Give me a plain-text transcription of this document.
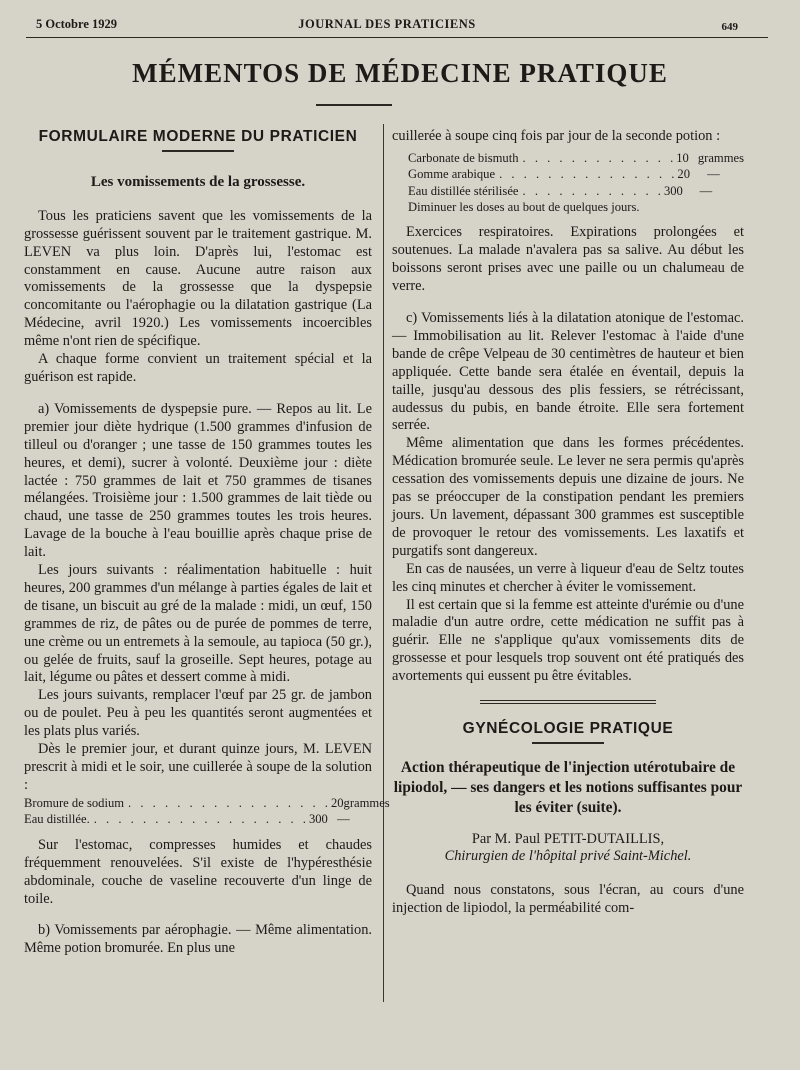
5 Octobre 1929	JOURNAL DES PRATICIENS	649
MÉMENTOS DE MÉDECINE PRATIQUE
FORMULAIRE MODERNE DU PRATICIEN
Les vomissements de la grossesse.

Tous les praticiens savent que les vomissements de la grossesse guérissent souvent par le traitement gastrique. M. LEVEN va plus loin. D'après lui, l'estomac est constamment en cause. Aucune autre raison aux vomissements de la grossesse que la dyspepsie concomitante ou l'aérophagie ou la dilatation gastrique (La Médecine, avril 1920.) Les vomissements incoercibles même n'ont rien de spécifique.

A chaque forme convient un traitement spécial et la guérison est rapide.

a) Vomissements de dyspepsie pure. — Repos au lit. Le premier jour diète hydrique (1.500 grammes d'infusion de tilleul ou d'oranger ; une tasse de 150 grammes toutes les heures, et demi), sucrer à volonté. Deuxième jour : diète lactée : 750 grammes de lait et 750 grammes de tisanes mélangées. Troisième jour : 1.500 grammes de lait tiède ou chaud, une tasse de 250 grammes toutes les trois heures. Lavage de la bouche à l'eau bouillie après chaque prise de lait.

Les jours suivants : réalimentation habituelle : huit heures, 200 grammes d'un mélange à parties égales de lait et de tisane, un biscuit au gré de la malade : midi, un œuf, 150 grammes de riz, de pâtes ou de purée de pommes de terre, une crème ou un entremets à la semoule, au tapioca (50 gr.), ou gelée de fruits, sauf la groseille. Sept heures, potage au lait, légume ou pâtes et dessert comme à midi.

Les jours suivants, remplacer l'œuf par 25 gr. de jambon ou de poulet. Peu à peu les quantités seront augmentées et les plats plus variés.

Dès le premier jour, et durant quinze jours, M. LEVEN prescrit à midi et le soir, une cuillerée à soupe de la solution :

Bromure de sodium . . . . . . . . . . . . . . . . . 20 grammes
Eau distillée. . . . . . . . . . . . . . . . . . . 300 —

Sur l'estomac, compresses humides et chaudes fréquemment renouvelées. S'il existe de l'hypéresthésie abdominale, couche de vaseline recouverte d'un linge de toile.

b) Vomissements par aérophagie. — Même alimentation. Même potion bromurée. En plus une

cuillerée à soupe cinq fois par jour de la seconde potion :

Carbonate de bismuth . . . . . . . . . . . . . 10 grammes
Gomme arabique . . . . . . . . . . . . . . . 20	—
Eau distillée stérilisée . . . . . . . . . . . . 300	—
Diminuer les doses au bout de quelques jours.

Exercices respiratoires. Expirations prolongées et soutenues. La malade n'avalera pas sa salive. Au début les boissons seront prises avec une paille ou un chalumeau de verre.

c) Vomissements liés à la dilatation atonique de l'estomac. — Immobilisation au lit. Relever l'estomac à l'aide d'une bande de crêpe Velpeau de 30 centimètres de hauteur et bien appliquée. Cette bande sera étalée en éventail, depuis la taille, jusqu'au dessous des plis fessiers, se rétrécissant, audessus du pubis, en bande étroite. Elle sera fortement serrée.

Même alimentation que dans les formes précédentes. Médication bromurée seule. Le lever ne sera permis qu'après cessation des vomissements depuis une dizaine de jours. Ne pas se préoccuper de la constipation pendant les premiers jours. Un lavement, dépassant 300 grammes est susceptible de provoquer le retour des vomissements. Les laxatifs et purgatifs sont dangereux.

En cas de nausées, un verre à liqueur d'eau de Seltz toutes les cinq minutes et chercher à éviter le vomissement.

Il est certain que si la femme est atteinte d'urémie ou d'une maladie d'un autre ordre, cette médication ne suffit pas à guérir. Elle ne s'applique qu'aux vomissements dits de grossesse et pour lesquels trop souvent ont été pratiqués des avortements qui eussent pu être évitables.

GYNÉCOLOGIE PRATIQUE
Action thérapeutique de l'injection utérotubaire de lipiodol, — ses dangers et les notions suffisantes pour les éviter (suite).
Par M. Paul PETIT-DUTAILLIS,
Chirurgien de l'hôpital privé Saint-Michel.

Quand nous constatons, sous l'écran, au cours d'une injection de lipiodol, la perméabilité com-
